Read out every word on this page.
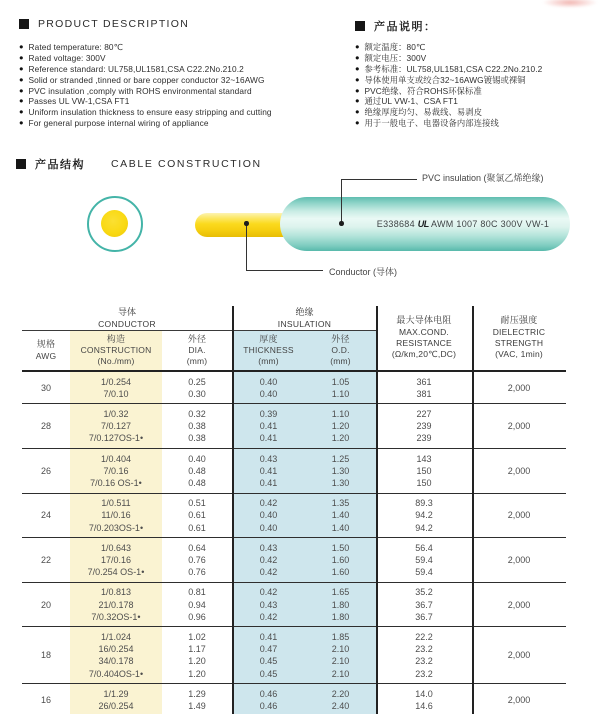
PRODUCT DESCRIPTION
● Rated temperature: 80℃
● Rated voltage: 300V
● Reference standard: UL758,UL1581,CSA C22.2No.210.2
● Solid or stranded ,tinned or bare copper conductor 32~16AWG
● PVC insulation ,comply with ROHS environmental standard
● Passes UL VW-1,CSA FT1
● Uniform insulation thickness to ensure easy stripping and cutting
● For general purpose internal wiring of appliance
产品说明：
● 额定温度：80℃
● 额定电压：300V
● 参考标准：UL758,UL1581,CSA C22.2No.210.2
● 导体使用单支或绞合32~16AWG镀锡或裸铜
● PVC绝缘、符合ROHS环保标准
● 通过UL VW-1、CSA FT1
● 绝缘厚度均匀、易裁线、易剥皮
● 用于一般电子、电器设备内部连接线
产品结构 CABLE CONSTRUCTION
E338684 UL AWM 1007 80C 300V VW-1
PVC insulation (聚氯乙烯绝缘)
Conductor (导体)
导体
CONDUCTOR
绝缘
INSULATION	最大导体电阻
MAX.COND.
RESISTANCE
(Ω/km,20℃,DC)
耐压强度
DIELECTRIC
STRENGTH
(VAC, 1min)
规格
AWG
构造
CONSTRUCTION
(No./mm)
外径
DIA.
(mm)
厚度
THICKNESS
(mm)
外径
O.D.
(mm)
30
1/0.254
7/0.10
0.25
0.30
0.40
0.40
1.05
1.10
361
381
2,000
28
1/0.32
7/0.127
7/0.127OS-1•
0.32
0.38
0.38
0.39
0.41
0.41
1.10
1.20
1.20
227
239
239
2,000
26
1/0.404
7/0.16
7/0.16 OS-1•
0.40
0.48
0.48
0.43
0.41
0.41
1.25
1.30
1.30
143
150
150
2,000
24
1/0.511
11/0.16
7/0.203OS-1•
0.51
0.61
0.61
0.42
0.40
0.40
1.35
1.40
1.40
89.3
94.2
94.2
2,000
22
1/0.643
17/0.16
7/0.254 OS-1•
0.64
0.76
0.76
0.43
0.42
0.42
1.50
1.60
1.60
56.4
59.4
59.4
2,000
20
1/0.813
21/0.178
7/0.32OS-1•
0.81
0.94
0.96
0.42
0.43
0.42
1.65
1.80
1.80
35.2
36.7
36.7
2,000
18
1/1.024
16/0.254
34/0.178
7/0.404OS-1•
1.02
1.17
1.20
1.20
0.41
0.47
0.45
0.45
1.85
2.10
2.10
2.10
22.2
23.2
23.2
23.2
2,000
16
1/1.29
26/0.254
1.29
1.49
0.46
0.46
2.20
2.40
14.0
14.6
2,000
